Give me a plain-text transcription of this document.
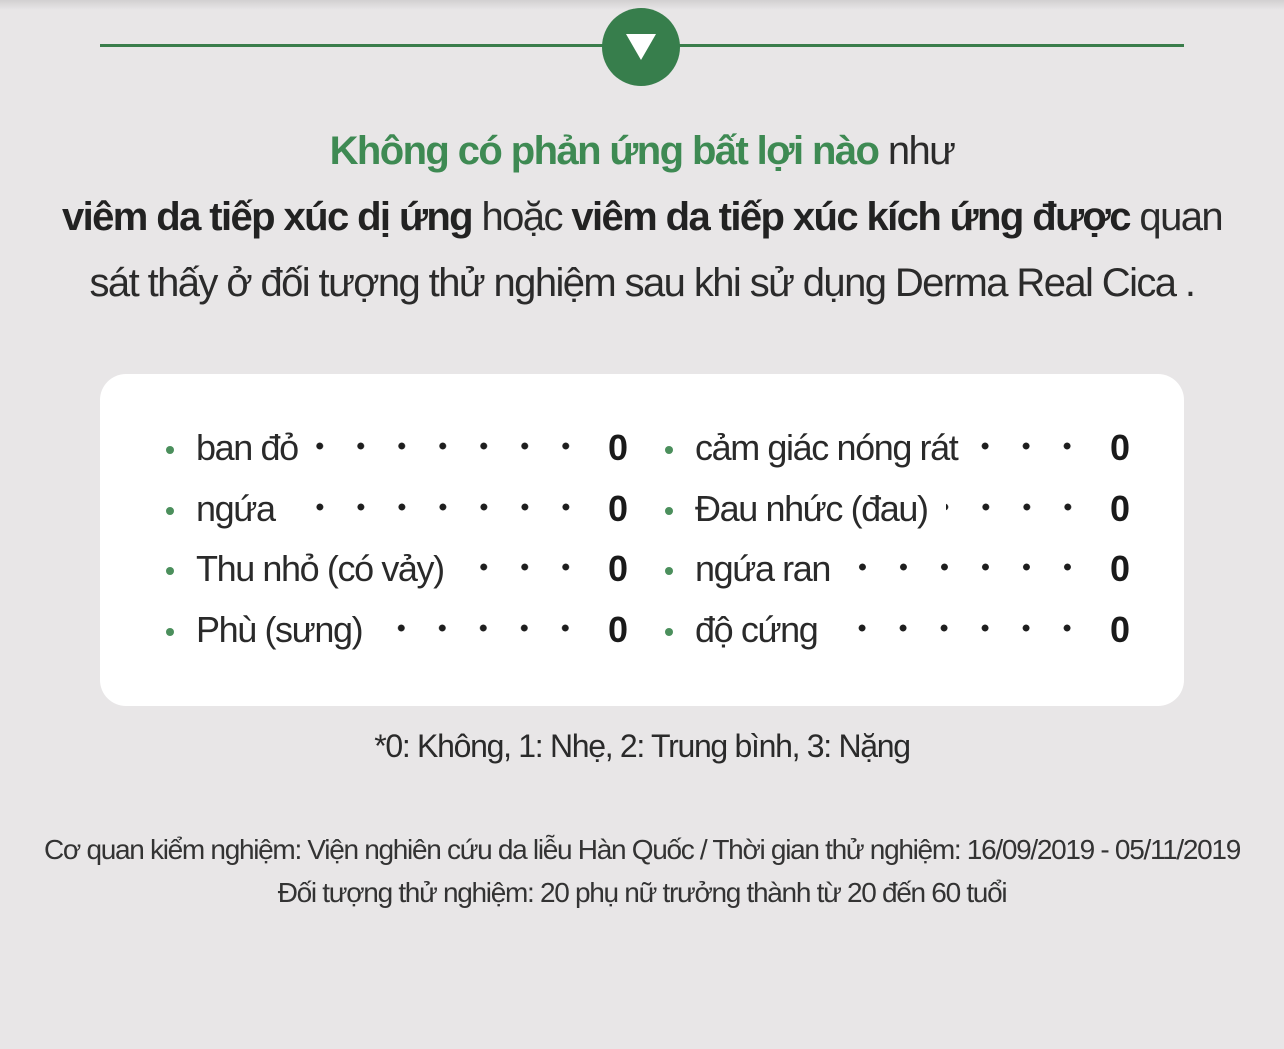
Không có phản ứng bất lợi nào như
viêm da tiếp xúc dị ứng hoặc viêm da tiếp xúc kích ứng được quan
sát thấy ở đối tượng thử nghiệm sau khi sử dụng Derma Real Cica .
ban đỏ	0
ngứa	0
Thu nhỏ (có vảy)	0
Phù (sưng)	0
cảm giác nóng rát	0
Đau nhức (đau)	0
ngứa ran	0
độ cứng	0
*0: Không, 1: Nhẹ, 2: Trung bình, 3: Nặng
Cơ quan kiểm nghiệm: Viện nghiên cứu da liễu Hàn Quốc / Thời gian thử nghiệm: 16/09/2019 - 05/11/2019
Đối tượng thử nghiệm: 20 phụ nữ trưởng thành từ 20 đến 60 tuổi
